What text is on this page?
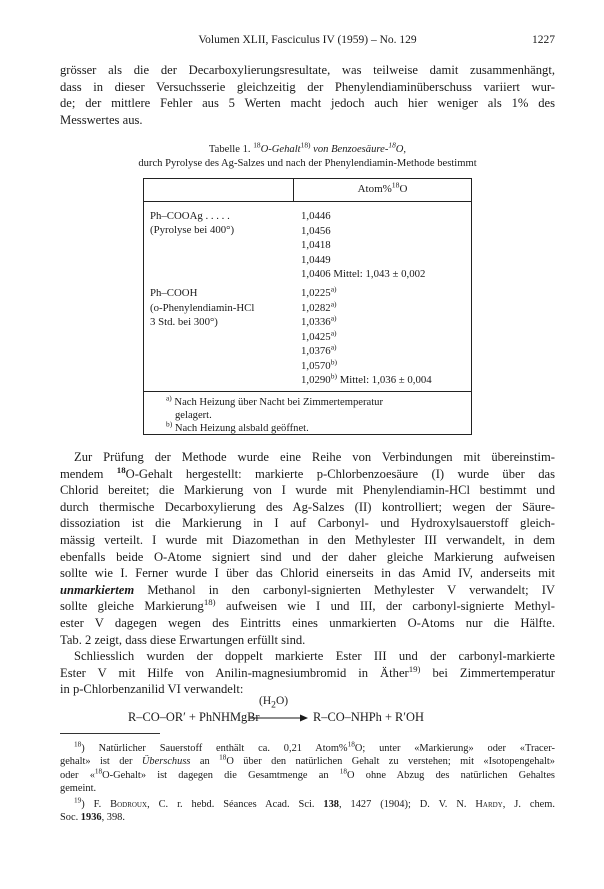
Volumen XLII, Fasciculus IV (1959) – No. 129	1227
grösser als die der Decarboxylierungsresultate, was teilweise damit zusammenhängt,
dass in dieser Versuchsserie gleichzeitig der Phenylendiaminüberschuss variiert wur-
de; der mittlere Fehler aus 5 Werten macht jedoch auch hier weniger als 1% des
Messwertes aus.
Tabelle 1. $^{18}$O-Gehalt$^{18)}$ von Benzoesäure-$^{18}$O,
durch Pyrolyse des Ag-Salzes und nach der Phenylendiamin-Methode bestimmt
Atom%$^{18}$O
Ph–COOAg . . . . .
(Pyrolyse bei 400°)
1,0446
1,0456
1,0418
1,0449
1,0406 Mittel: 1,043 ± 0,002
Ph–COOH
(o-Phenylendiamin-HCl
3 Std. bei 300°)
1,0225$^{a)}$
1,0282$^{a)}$
1,0336$^{a)}$
1,0425$^{a)}$
1,0376$^{a)}$
1,0570$^{b)}$
1,0290$^{b)}$ Mittel: 1,036 ± 0,004
$^{a)}$ Nach Heizung über Nacht bei Zimmertemperatur
gelagert.
$^{b)}$ Nach Heizung alsbald geöffnet.
Zur Prüfung der Methode wurde eine Reihe von Verbindungen mit übereinstim-
mendem $^{18}$O-Gehalt hergestellt: markierte p-Chlorbenzoesäure (I) wurde über das
Chlorid bereitet; die Markierung von I wurde mit Phenylendiamin-HCl bestimmt und
durch thermische Decarboxylierung des Ag-Salzes (II) kontrolliert; wegen der Säure-
dissoziation ist die Markierung in I auf Carbonyl- und Hydroxylsauerstoff gleich-
mässig verteilt. I wurde mit Diazomethan in den Methylester III verwandelt, in dem
ebenfalls beide O-Atome signiert sind und der daher gleiche Markierung aufweisen
sollte wie I. Ferner wurde I über das Chlorid einerseits in das Amid IV, anderseits mit
unmarkiertem Methanol in den carbonyl-signierten Methylester V verwandelt; IV
sollte gleiche Markierung$^{18)}$ aufweisen wie I und III, der carbonyl-signierte Methyl-
ester V dagegen wegen des Eintritts eines unmarkierten O-Atoms nur die Hälfte.
Tab. 2 zeigt, dass diese Erwartungen erfüllt sind.
Schliesslich wurden der doppelt markierte Ester III und der carbonyl-markierte
Ester V mit Hilfe von Anilin-magnesiumbromid in Äther$^{19)}$ bei Zimmertemperatur
in p-Chlorbenzanilid VI verwandelt:
R–CO–OR′ + PhNHMgBr
$(H_2O)$
→ R–CO–NHPh + R′OH
$^{18}$) Natürlicher Sauerstoff enthält ca. 0,21 Atom%$^{18}$O; unter «Markierung» oder «Tracer-
gehalt» ist der Überschuss an $^{18}$O über den natürlichen Gehalt zu verstehen; mit «Isotopengehalt»
oder «$^{18}$O-Gehalt» ist dagegen die Gesamtmenge an $^{18}$O ohne Abzug des natürlichen Gehaltes
gemeint.
$^{19}$) F. Bodroux, C. r. hebd. Séances Acad. Sci. 138, 1427 (1904); D. V. N. Hardy, J. chem.
Soc. 1936, 398.
